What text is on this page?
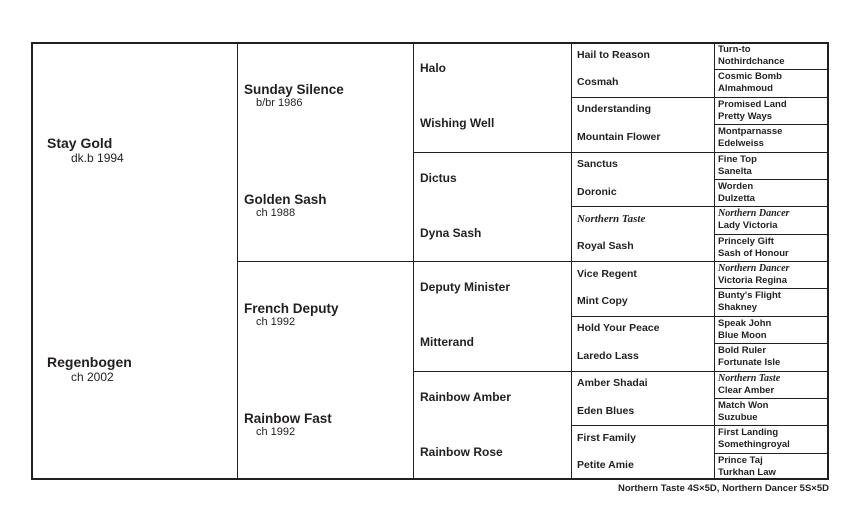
Stay Gold
dk.b 1994
Regenbogen
ch 2002
Sunday Silence
b/br 1986
Golden Sash
ch 1988
French Deputy
ch 1992
Rainbow Fast
ch 1992
Halo
Wishing Well
Dictus
Dyna Sash
Deputy Minister
Mitterand
Rainbow Amber
Rainbow Rose
Hail to Reason
Cosmah
Understanding
Mountain Flower
Sanctus
Doronic
Northern Taste
Royal Sash
Vice Regent
Mint Copy
Hold Your Peace
Laredo Lass
Amber Shadai
Eden Blues
First Family
Petite Amie
Turn-to
Nothirdchance
Cosmic Bomb
Almahmoud
Promised Land
Pretty Ways
Montparnasse
Edelweiss
Fine Top
Sanelta
Worden
Dulzetta
Northern Dancer
Lady Victoria
Princely Gift
Sash of Honour
Northern Dancer
Victoria Regina
Bunty's Flight
Shakney
Speak John
Blue Moon
Bold Ruler
Fortunate Isle
Northern Taste
Clear Amber
Match Won
Suzubue
First Landing
Somethingroyal
Prince Taj
Turkhan Law
Northern Taste 4S×5D, Northern Dancer 5S×5D
